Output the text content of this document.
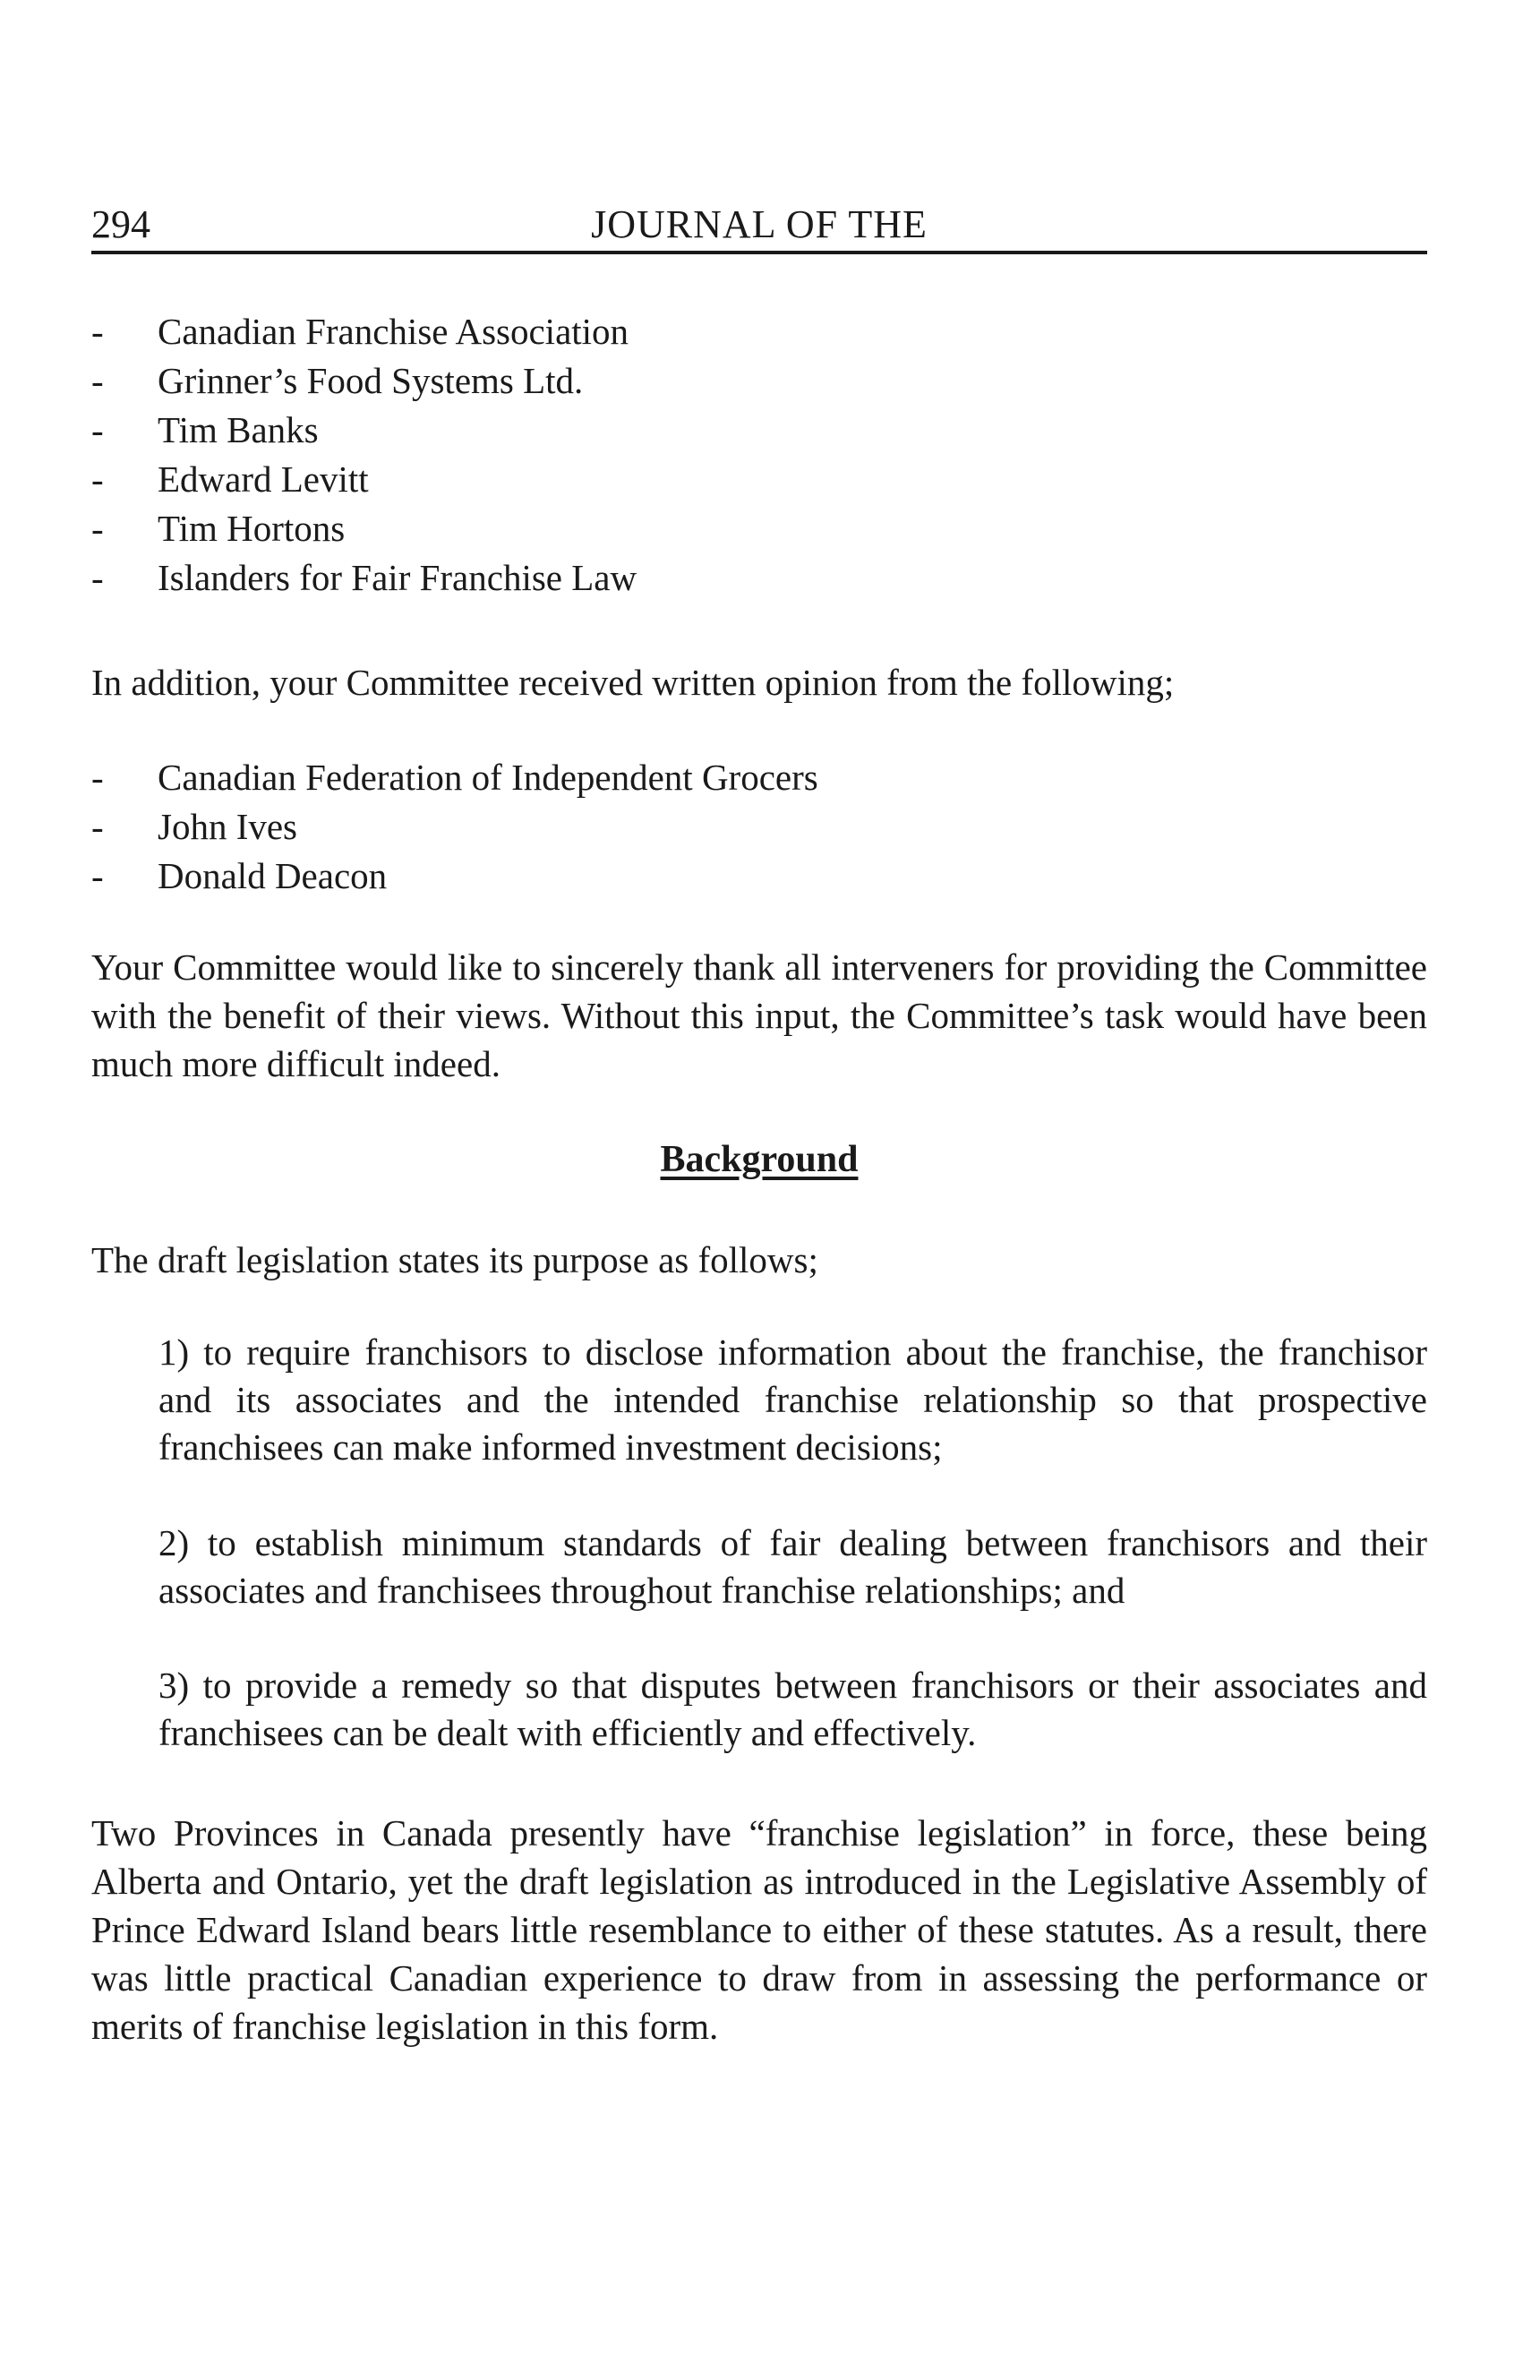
294	JOURNAL OF THE
- Canadian Franchise Association
- Grinner’s Food Systems Ltd.
- Tim Banks
- Edward Levitt
- Tim Hortons
- Islanders for Fair Franchise Law

In addition, your Committee received written opinion from the following;

- Canadian Federation of Independent Grocers
- John Ives
- Donald Deacon

Your Committee would like to sincerely thank all interveners for providing the Committee with the benefit of their views. Without this input, the Committee’s task would have been much more difficult indeed.

Background

The draft legislation states its purpose as follows;

1) to require franchisors to disclose information about the franchise, the franchisor and its associates and the intended franchise relationship so that prospective franchisees can make informed investment decisions;

2) to establish minimum standards of fair dealing between franchisors and their associates and franchisees throughout franchise relationships; and

3) to provide a remedy so that disputes between franchisors or their associates and franchisees can be dealt with efficiently and effectively.

Two Provinces in Canada presently have “franchise legislation” in force, these being Alberta and Ontario, yet the draft legislation as introduced in the Legislative Assembly of Prince Edward Island bears little resemblance to either of these statutes. As a result, there was little practical Canadian experience to draw from in assessing the performance or merits of franchise legislation in this form.
